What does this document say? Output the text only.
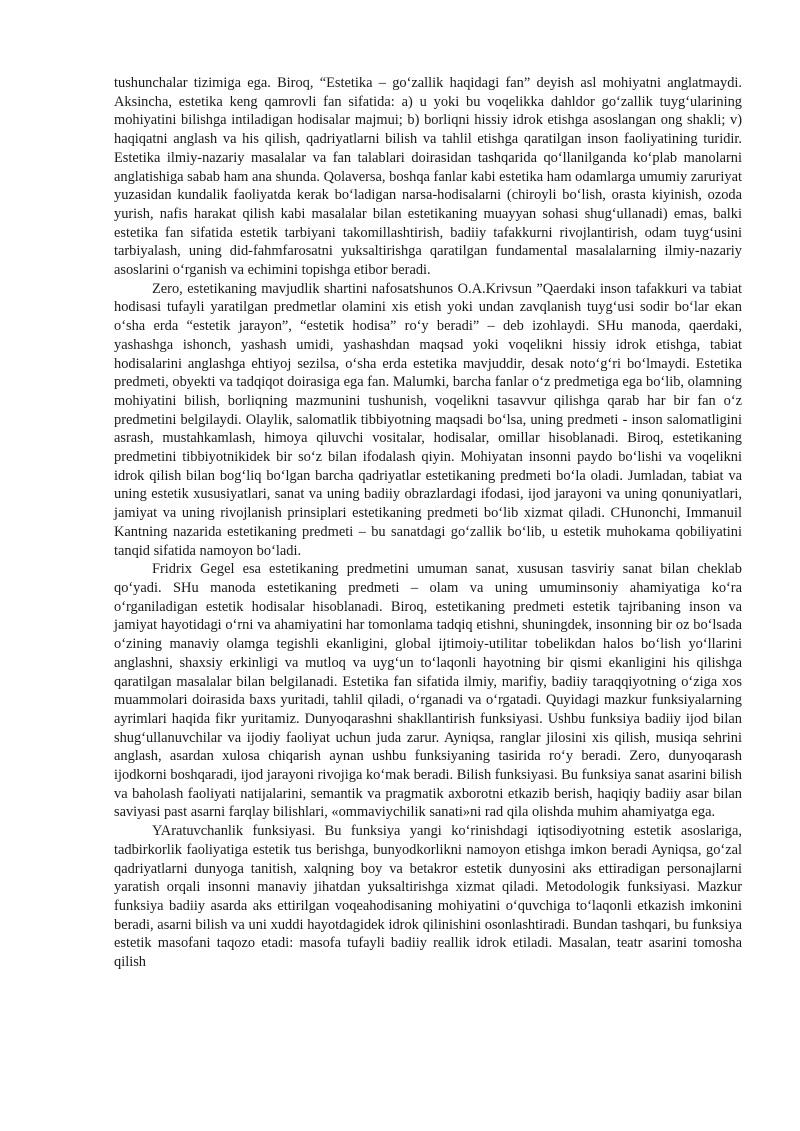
tushunchalar tizimiga ega. Biroq, “Estetika – go‘zallik haqidagi fan” deyish asl mohiyatni anglatmaydi. Aksincha, estetika keng qamrovli fan sifatida: a) u yoki bu voqelikka dahldor go‘zallik tuyg‘ularining mohiyatini bilishga intiladigan hodisalar majmui; b) borliqni hissiy idrok etishga asoslangan ong shakli; v) haqiqatni anglash va his qilish, qadriyatlarni bilish va tahlil etishga qaratilgan inson faoliyatining turidir. Estetika ilmiy-nazariy masalalar va fan talablari doirasidan tashqarida qo‘llanilganda ko‘plab manolarni anglatishiga sabab ham ana shunda. Qolaversa, boshqa fanlar kabi estetika ham odamlarga umumiy zaruriyat yuzasidan kundalik faoliyatda kerak bo‘ladigan narsa-hodisalarni (chiroyli bo‘lish, orasta kiyinish, ozoda yurish, nafis harakat qilish kabi masalalar bilan estetikaning muayyan sohasi shug‘ullanadi) emas, balki estetika fan sifatida estetik tarbiyani takomillashtirish, badiiy tafakkurni rivojlantirish, odam tuyg‘usini tarbiyalash, uning did-fahmfarosatni yuksaltirishga qaratilgan fundamental masalalarning ilmiy-nazariy asoslarini o‘rganish va echimini topishga etibor beradi.

Zero, estetikaning mavjudlik shartini nafosatshunos O.A.Krivsun ”Qaerdaki inson tafakkuri va tabiat hodisasi tufayli yaratilgan predmetlar olamini xis etish yoki undan zavqlanish tuyg‘usi sodir bo‘lar ekan o‘sha erda “estetik jarayon”, “estetik hodisa” ro‘y beradi” – deb izohlaydi. SHu manoda, qaerdaki, yashashga ishonch, yashash umidi, yashashdan maqsad yoki voqelikni hissiy idrok etishga, tabiat hodisalarini anglashga ehtiyoj sezilsa, o‘sha erda estetika mavjuddir, desak noto‘g‘ri bo‘lmaydi. Estetika predmeti, obyekti va tadqiqot doirasiga ega fan. Malumki, barcha fanlar o‘z predmetiga ega bo‘lib, olamning mohiyatini bilish, borliqning mazmunini tushunish, voqelikni tasavvur qilishga qarab har bir fan o‘z predmetini belgilaydi. Olaylik, salomatlik tibbiyotning maqsadi bo‘lsa, uning predmeti - inson salomatligini asrash, mustahkamlash, himoya qiluvchi vositalar, hodisalar, omillar hisoblanadi. Biroq, estetikaning predmetini tibbiyotnikidek bir so‘z bilan ifodalash qiyin. Mohiyatan insonni paydo bo‘lishi va voqelikni idrok qilish bilan bog‘liq bo‘lgan barcha qadriyatlar estetikaning predmeti bo‘la oladi. Jumladan, tabiat va uning estetik xususiyatlari, sanat va uning badiiy obrazlardagi ifodasi, ijod jarayoni va uning qonuniyatlari, jamiyat va uning rivojlanish prinsiplari estetikaning predmeti bo‘lib xizmat qiladi. CHunonchi, Immanuil Kantning nazarida estetikaning predmeti – bu sanatdagi go‘zallik bo‘lib, u estetik muhokama qobiliyatini tanqid sifatida namoyon bo‘ladi.

Fridrix Gegel esa estetikaning predmetini umuman sanat, xususan tasviriy sanat bilan cheklab qo‘yadi. SHu manoda estetikaning predmeti – olam va uning umuminsoniy ahamiyatiga ko‘ra o‘rganiladigan estetik hodisalar hisoblanadi. Biroq, estetikaning predmeti estetik tajribaning inson va jamiyat hayotidagi o‘rni va ahamiyatini har tomonlama tadqiq etishni, shuningdek, insonning bir oz bo‘lsada o‘zining manaviy olamga tegishli ekanligini, global ijtimoiy-utilitar tobelikdan halos bo‘lish yo‘llarini anglashni, shaxsiy erkinligi va mutloq va uyg‘un to‘laqonli hayotning bir qismi ekanligini his qilishga qaratilgan masalalar bilan belgilanadi. Estetika fan sifatida ilmiy, marifiy, badiiy taraqqiyotning o‘ziga xos muammolari doirasida baxs yuritadi, tahlil qiladi, o‘rganadi va o‘rgatadi. Quyidagi mazkur funksiyalarning ayrimlari haqida fikr yuritamiz. Dunyoqarashni shakllantirish funksiyasi. Ushbu funksiya badiiy ijod bilan shug‘ullanuvchilar va ijodiy faoliyat uchun juda zarur. Ayniqsa, ranglar jilosini xis qilish, musiqa sehrini anglash, asardan xulosa chiqarish aynan ushbu funksiyaning tasirida ro‘y beradi. Zero, dunyoqarash ijodkorni boshqaradi, ijod jarayoni rivojiga ko‘mak beradi. Bilish funksiyasi. Bu funksiya sanat asarini bilish va baholash faoliyati natijalarini, semantik va pragmatik axborotni etkazib berish, haqiqiy badiiy asar bilan saviyasi past asarni farqlay bilishlari, «ommaviychilik sanati»ni rad qila olishda muhim ahamiyatga ega.

YAratuvchanlik funksiyasi. Bu funksiya yangi ko‘rinishdagi iqtisodiyotning estetik asoslariga, tadbirkorlik faoliyatiga estetik tus berishga, bunyodkorlikni namoyon etishga imkon beradi Ayniqsa, go‘zal qadriyatlarni dunyoga tanitish, xalqning boy va betakror estetik dunyosini aks ettiradigan personajlarni yaratish orqali insonni manaviy jihatdan yuksaltirishga xizmat qiladi. Metodologik funksiyasi. Mazkur funksiya badiiy asarda aks ettirilgan voqeahodisaning mohiyatini o‘quvchiga to‘laqonli etkazish imkonini beradi, asarni bilish va uni xuddi hayotdagidek idrok qilinishini osonlashtiradi. Bundan tashqari, bu funksiya estetik masofani taqozo etadi: masofa tufayli badiiy reallik idrok etiladi. Masalan, teatr asarini tomosha qilish
